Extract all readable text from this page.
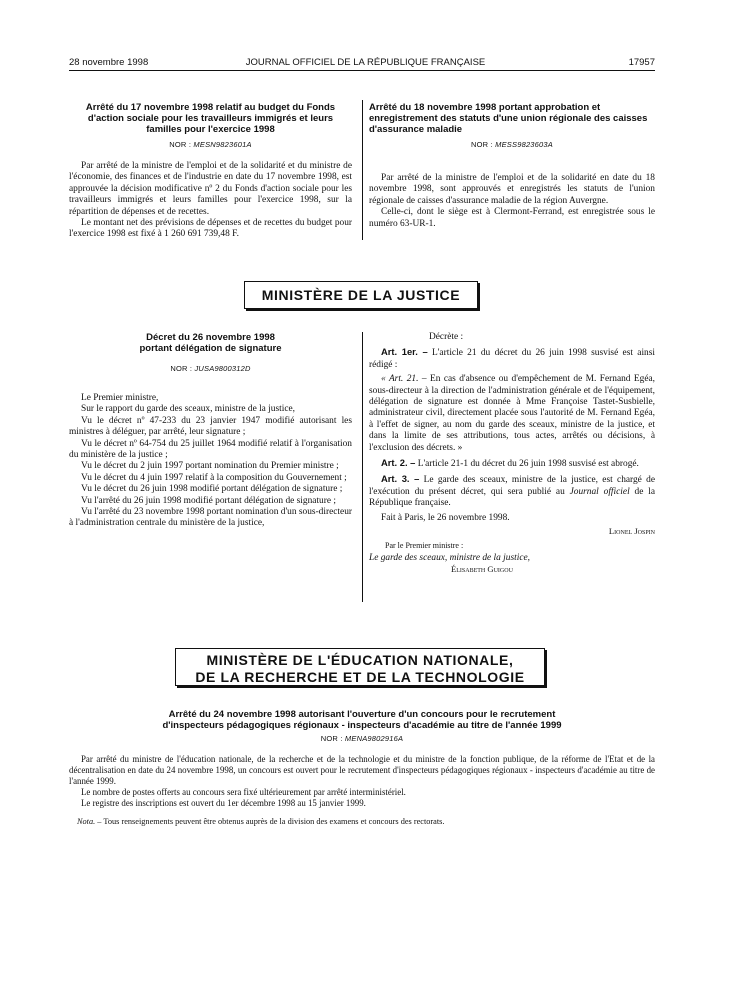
28 novembre 1998	JOURNAL OFFICIEL DE LA RÉPUBLIQUE FRANÇAISE	17957
Arrêté du 17 novembre 1998 relatif au budget du Fonds d'action sociale pour les travailleurs immigrés et leurs familles pour l'exercice 1998
NOR : MESN9823601A

Par arrêté de la ministre de l'emploi et de la solidarité et du ministre de l'économie, des finances et de l'industrie en date du 17 novembre 1998, est approuvée la décision modificative nº 2 du Fonds d'action sociale pour les travailleurs immigrés et leurs familles pour l'exercice 1998, sur la répartition de dépenses et de recettes.

Le montant net des prévisions de dépenses et de recettes du budget pour l'exercice 1998 est fixé à 1 260 691 739,48 F.

Arrêté du 18 novembre 1998 portant approbation et enregistrement des statuts d'une union régionale des caisses d'assurance maladie
NOR : MESS9823603A

Par arrêté de la ministre de l'emploi et de la solidarité en date du 18 novembre 1998, sont approuvés et enregistrés les statuts de l'union régionale de caisses d'assurance maladie de la région Auvergne.

Celle-ci, dont le siège est à Clermont-Ferrand, est enregistrée sous le numéro 63-UR-1.

MINISTÈRE DE LA JUSTICE
Décret du 26 novembre 1998
portant délégation de signature
NOR : JUSA9800312D

Le Premier ministre,

Sur le rapport du garde des sceaux, ministre de la justice,

Vu le décret nº 47-233 du 23 janvier 1947 modifié autorisant les ministres à déléguer, par arrêté, leur signature ;

Vu le décret nº 64-754 du 25 juillet 1964 modifié relatif à l'organisation du ministère de la justice ;

Vu le décret du 2 juin 1997 portant nomination du Premier ministre ;

Vu le décret du 4 juin 1997 relatif à la composition du Gouvernement ;

Vu le décret du 26 juin 1998 modifié portant délégation de signature ;

Vu l'arrêté du 26 juin 1998 modifié portant délégation de signature ;

Vu l'arrêté du 23 novembre 1998 portant nomination d'un sous-directeur à l'administration centrale du ministère de la justice,

Décrète :

Art. 1er. – L'article 21 du décret du 26 juin 1998 susvisé est ainsi rédigé :

« Art. 21. – En cas d'absence ou d'empêchement de M. Fernand Egéa, sous-directeur à la direction de l'administration générale et de l'équipement, délégation de signature est donnée à Mme Françoise Tastet-Susbielle, administrateur civil, directement placée sous l'autorité de M. Fernand Egéa, à l'effet de signer, au nom du garde des sceaux, ministre de la justice, et dans la limite de ses attributions, tous actes, arrêtés ou décisions, à l'exclusion des décrets. »

Art. 2. – L'article 21-1 du décret du 26 juin 1998 susvisé est abrogé.

Art. 3. – Le garde des sceaux, ministre de la justice, est chargé de l'exécution du présent décret, qui sera publié au Journal officiel de la République française.

Fait à Paris, le 26 novembre 1998.

Lionel Jospin
Par le Premier ministre :
Le garde des sceaux, ministre de la justice,
Élisabeth Guigou
MINISTÈRE DE L'ÉDUCATION NATIONALE,
DE LA RECHERCHE ET DE LA TECHNOLOGIE
Arrêté du 24 novembre 1998 autorisant l'ouverture d'un concours pour le recrutement d'inspecteurs pédagogiques régionaux - inspecteurs d'académie au titre de l'année 1999
NOR : MENA9802916A

Par arrêté du ministre de l'éducation nationale, de la recherche et de la technologie et du ministre de la fonction publique, de la réforme de l'Etat et de la décentralisation en date du 24 novembre 1998, un concours est ouvert pour le recrutement d'inspecteurs pédagogiques régionaux - inspecteurs d'académie au titre de l'année 1999.

Le nombre de postes offerts au concours sera fixé ultérieurement par arrêté interministériel.

Le registre des inscriptions est ouvert du 1er décembre 1998 au 15 janvier 1999.

Nota. – Tous renseignements peuvent être obtenus auprès de la division des examens et concours des rectorats.
